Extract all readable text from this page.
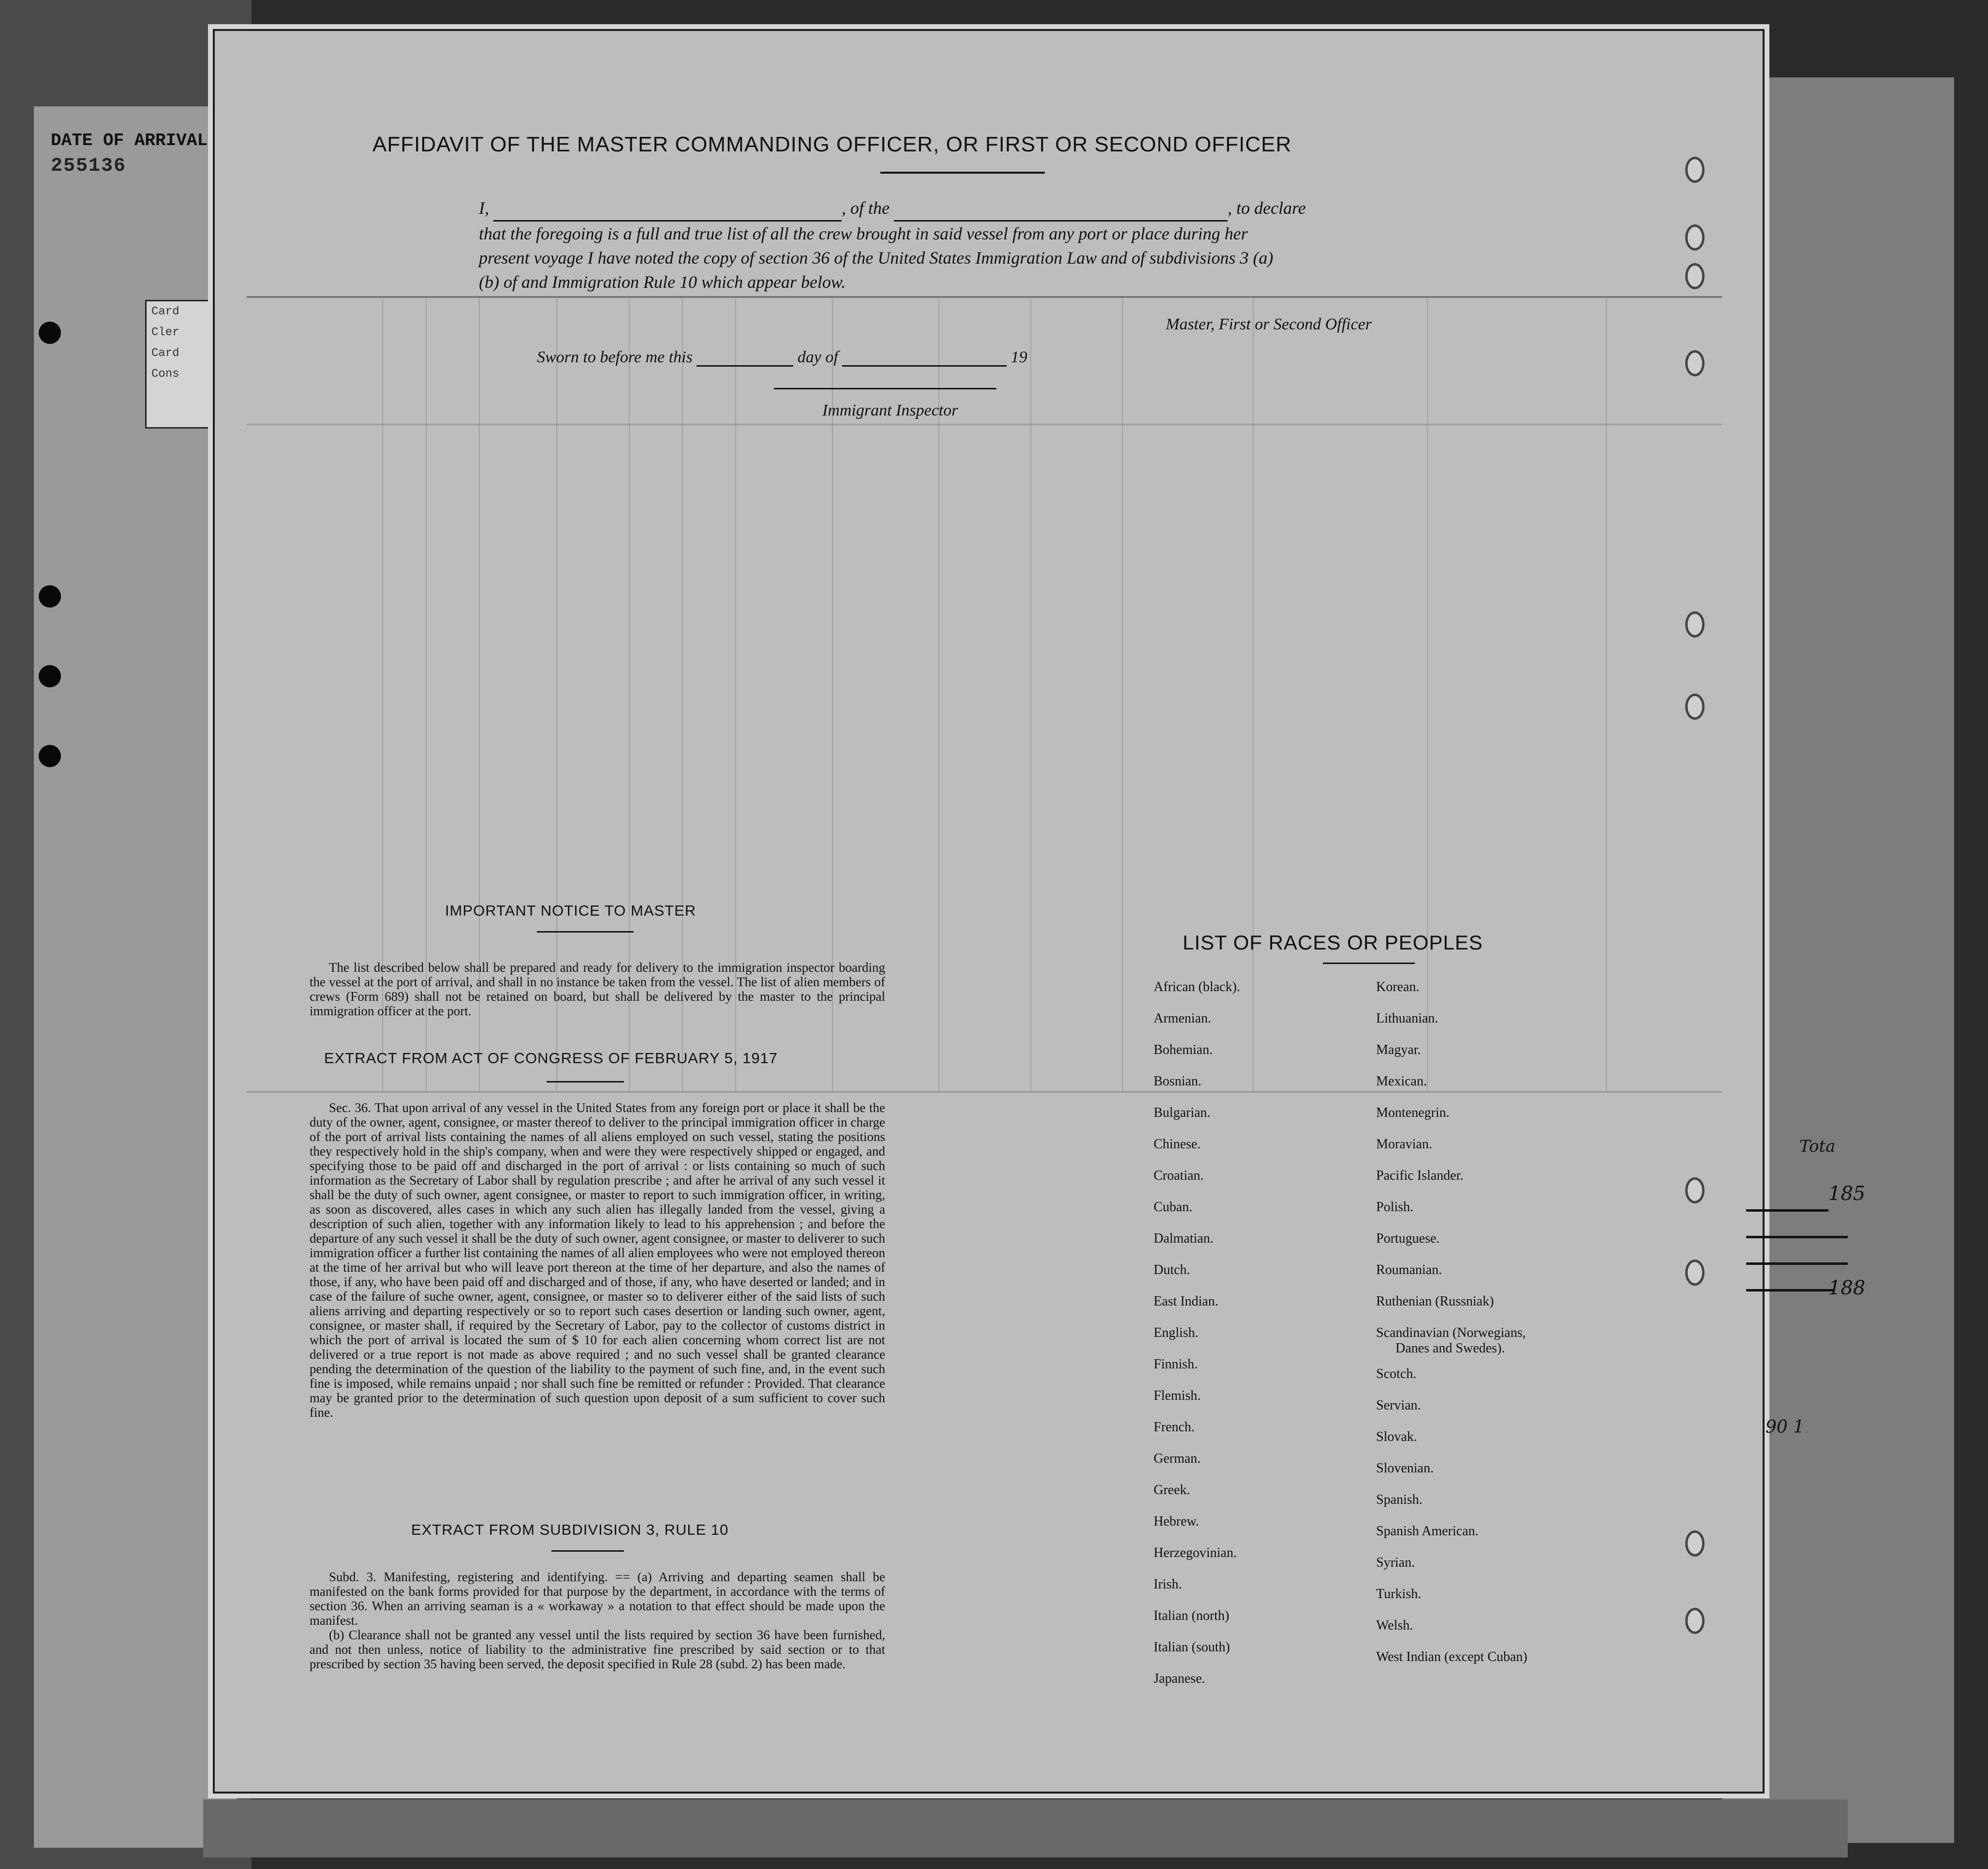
DATE OF ARRIVAL
255136
Card
Cler
Card
Cons
AFFIDAVIT OF THE MASTER COMMANDING OFFICER, OR FIRST OR SECOND OFFICER
I,	, of the	, to declare
that the foregoing is a full and true list of all the crew brought in said vessel from any port or place during her
present voyage I have noted the copy of section 36 of the United States Immigration Law and of subdivisions 3 (a)
(b) of and Immigration Rule 10 which appear below.
Master, First or Second Officer
Sworn to before me this	day of	19
Immigrant Inspector
IMPORTANT NOTICE TO MASTER

The list described below shall be prepared and ready for delivery to the immigration inspector boarding the vessel at the port of arrival, and shall in no instance be taken from the vessel. The list of alien members of crews (Form 689) shall not be retained on board, but shall be delivered by the master to the principal immigration officer at the port.

EXTRACT FROM ACT OF CONGRESS OF FEBRUARY 5, 1917

Sec. 36. That upon arrival of any vessel in the United States from any foreign port or place it shall be the duty of the owner, agent, consignee, or master thereof to deliver to the principal immigration officer in charge of the port of arrival lists containing the names of all aliens employed on such vessel, stating the positions they respectively hold in the ship's company, when and were they were respectively shipped or engaged, and specifying those to be paid off and discharged in the port of arrival : or lists containing so much of such information as the Secretary of Labor shall by regulation prescribe ; and after he arrival of any such vessel it shall be the duty of such owner, agent consignee, or master to report to such immigration officer, in writing, as soon as discovered, alles cases in which any such alien has illegally landed from the vessel, giving a description of such alien, together with any information likely to lead to his apprehension ; and before the departure of any such vessel it shall be the duty of such owner, agent consignee, or master to deliverer to such immigration officer a further list containing the names of all alien employees who were not employed thereon at the time of her arrival but who will leave port thereon at the time of her departure, and also the names of those, if any, who have been paid off and discharged and of those, if any, who have deserted or landed; and in case of the failure of suche owner, agent, consignee, or master so to deliverer either of the said lists of such aliens arriving and departing respectively or so to report such cases desertion or landing such owner, agent, consignee, or master shall, if required by the Secretary of Labor, pay to the collector of customs district in which the port of arrival is located the sum of $ 10 for each alien concerning whom correct list are not delivered or a true report is not made as above required ; and no such vessel shall be granted clearance pending the determination of the question of the liability to the payment of such fine, and, in the event such fine is imposed, while remains unpaid ; nor shall such fine be remitted or refunder : Provided. That clearance may be granted prior to the determination of such question upon deposit of a sum sufficient to cover such fine.

EXTRACT FROM SUBDIVISION 3, RULE 10

Subd. 3. Manifesting, registering and identifying. == (a) Arriving and departing seamen shall be manifested on the bank forms provided for that purpose by the department, in accordance with the terms of section 36. When an arriving seaman is a « workaway » a notation to that effect should be made upon the manifest.

(b) Clearance shall not be granted any vessel until the lists required by section 36 have been furnished, and not then unless, notice of liability to the administrative fine prescribed by said section or to that prescribed by section 35 having been served, the deposit specified in Rule 28 (subd. 2) has been made.

LIST OF RACES OR PEOPLES
African (black).
Armenian.
Bohemian.
Bosnian.
Bulgarian.
Chinese.
Croatian.
Cuban.
Dalmatian.
Dutch.
East Indian.
English.
Finnish.
Flemish.
French.
German.
Greek.
Hebrew.
Herzegovinian.
Irish.
Italian (north)
Italian (south)
Japanese.
Korean.
Lithuanian.
Magyar.
Mexican.
Montenegrin.
Moravian.
Pacific Islander.
Polish.
Portuguese.
Roumanian.
Ruthenian (Russniak)
Scandinavian (Norwegians,
Danes and Swedes).
Scotch.
Servian.
Slovak.
Slovenian.
Spanish.
Spanish American.
Syrian.
Turkish.
Welsh.
West Indian (except Cuban)
Tota
185
188
90 1
